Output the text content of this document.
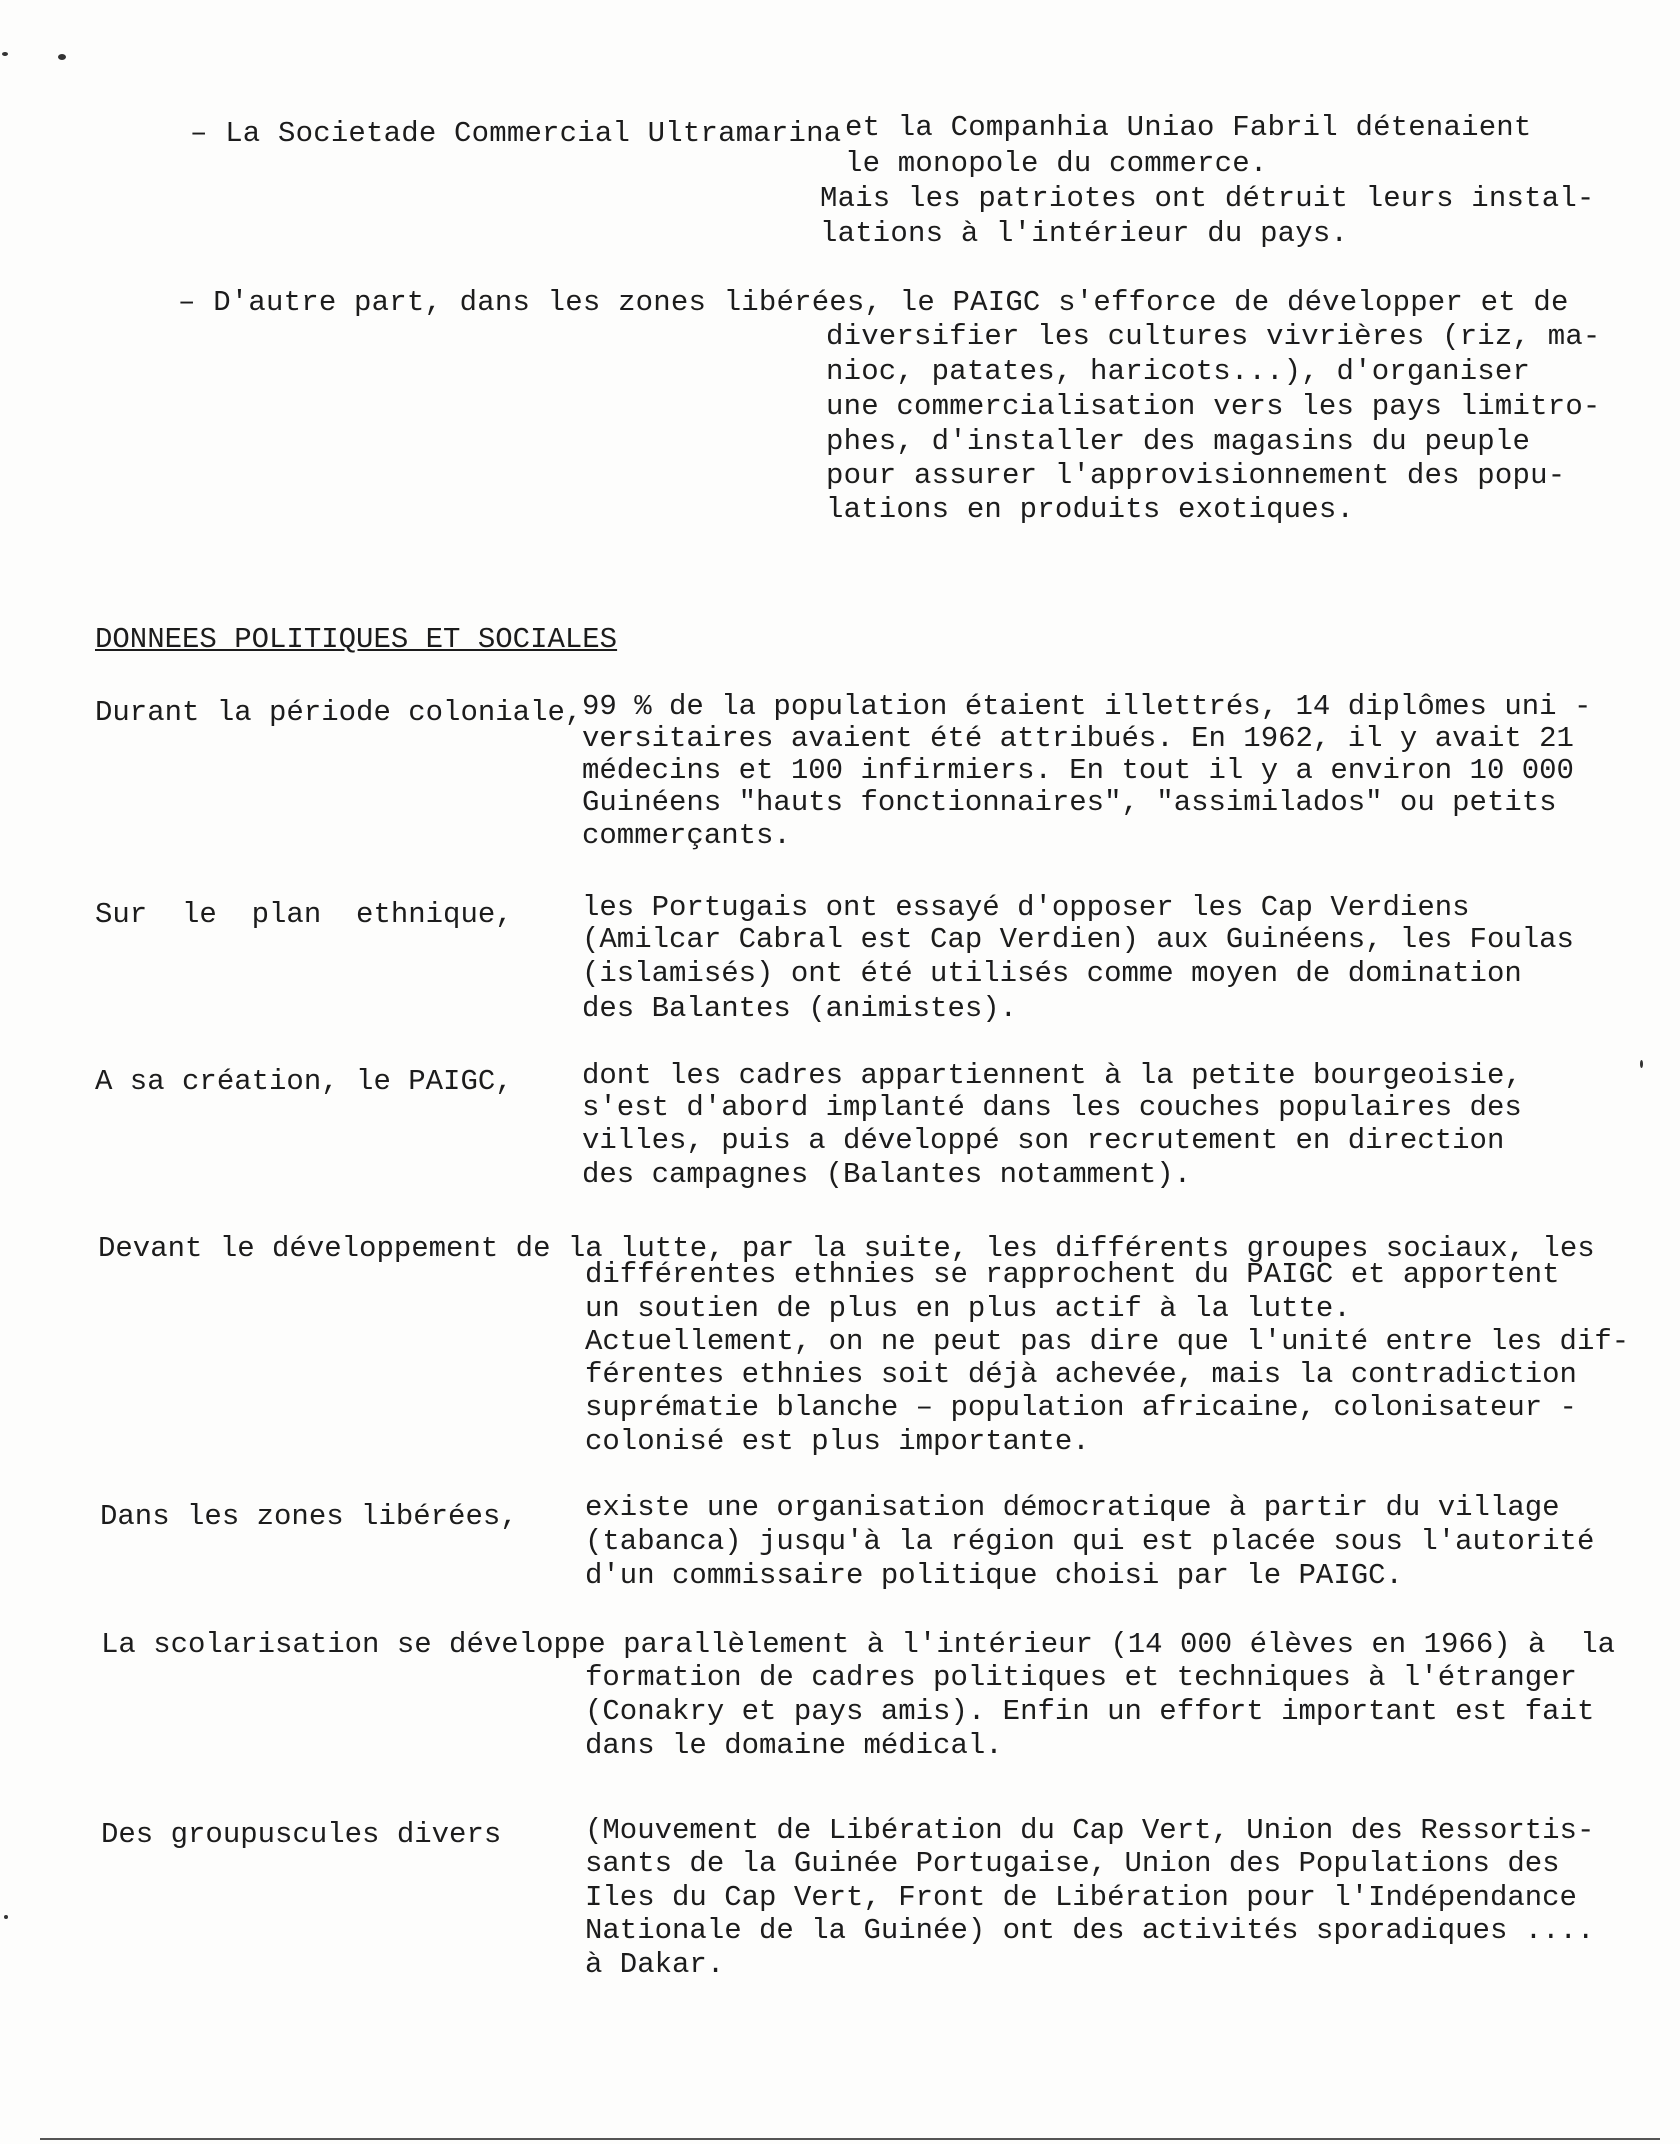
– La Societade Commercial Ultramarina et la Companhia Uniao Fabril détenaient
le monopole du commerce.
Mais les patriotes ont détruit leurs instal-
lations à l'intérieur du pays.
– D'autre part, dans les zones libérées, le PAIGC s'efforce de développer et de
diversifier les cultures vivrières (riz, ma-
nioc, patates, haricots...), d'organiser
une commercialisation vers les pays limitro-
phes, d'installer des magasins du peuple
pour assurer l'approvisionnement des popu-
lations en produits exotiques.
DONNEES POLITIQUES ET SOCIALES
Durant la période coloniale, 99 % de la population étaient illettrés, 14 diplômes uni -
versitaires avaient été attribués. En 1962, il y avait 21
médecins et 100 infirmiers. En tout il y a environ 10 000
Guinéens "hauts fonctionnaires", "assimilados" ou petits
commerçants.
Sur  le  plan  ethnique, les Portugais ont essayé d'opposer les Cap Verdiens
(Amilcar Cabral est Cap Verdien) aux Guinéens, les Foulas
(islamisés) ont été utilisés comme moyen de domination
des Balantes (animistes).
A sa création, le PAIGC, dont les cadres appartiennent à la petite bourgeoisie,
s'est d'abord implanté dans les couches populaires des
villes, puis a développé son recrutement en direction
des campagnes (Balantes notamment).
Devant le développement de la lutte, par la suite, les différents groupes sociaux, les
différentes ethnies se rapprochent du PAIGC et apportent
un soutien de plus en plus actif à la lutte.
Actuellement, on ne peut pas dire que l'unité entre les dif-
férentes ethnies soit déjà achevée, mais la contradiction
suprématie blanche – population africaine, colonisateur -
colonisé est plus importante.
Dans les zones libérées, existe une organisation démocratique à partir du village
(tabanca) jusqu'à la région qui est placée sous l'autorité
d'un commissaire politique choisi par le PAIGC.
La scolarisation se développe parallèlement à l'intérieur (14 000 élèves en 1966) à  la
formation de cadres politiques et techniques à l'étranger
(Conakry et pays amis). Enfin un effort important est fait
dans le domaine médical.
Des groupuscules divers	(Mouvement de Libération du Cap Vert, Union des Ressortis-
sants de la Guinée Portugaise, Union des Populations des
Iles du Cap Vert, Front de Libération pour l'Indépendance
Nationale de la Guinée) ont des activités sporadiques ....
à Dakar.
